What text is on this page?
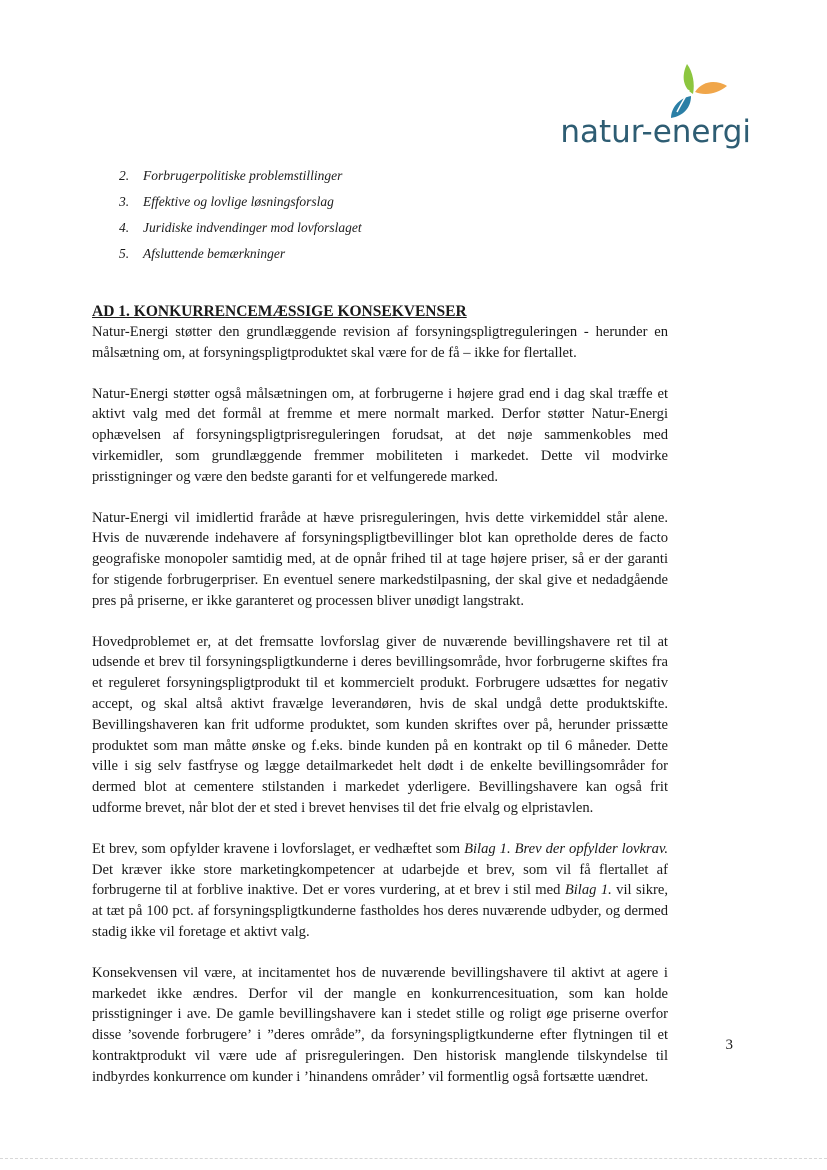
natur-energi
2. Forbrugerpolitiske problemstillinger
3. Effektive og lovlige løsningsforslag
4. Juridiske indvendinger mod lovforslaget
5. Afsluttende bemærkninger
AD 1. KONKURRENCEMÆSSIGE KONSEKVENSER

Natur-Energi støtter den grundlæggende revision af forsyningspligtreguleringen - herunder en målsætning om, at forsyningspligtproduktet skal være for de få – ikke for flertallet.

Natur-Energi støtter også målsætningen om, at forbrugerne i højere grad end i dag skal træffe et aktivt valg med det formål at fremme et mere normalt marked. Derfor støtter Natur-Energi ophævelsen af forsyningspligtprisreguleringen forudsat, at det nøje sammenkobles med virkemidler, som grundlæggende fremmer mobiliteten i markedet. Dette vil modvirke prisstigninger og være den bedste garanti for et velfungerede marked.

Natur-Energi vil imidlertid fraråde at hæve prisreguleringen, hvis dette virkemiddel står alene. Hvis de nuværende indehavere af forsyningspligtbevillinger blot kan opretholde deres de facto geografiske monopoler samtidig med, at de opnår frihed til at tage højere priser, så er der garanti for stigende forbrugerpriser. En eventuel senere markedstilpasning, der skal give et nedadgående pres på priserne, er ikke garanteret og processen bliver unødigt langstrakt.

Hovedproblemet er, at det fremsatte lovforslag giver de nuværende bevillingshavere ret til at udsende et brev til forsyningspligtkunderne i deres bevillingsområde, hvor forbrugerne skiftes fra et reguleret forsyningspligtprodukt til et kommercielt produkt. Forbrugere udsættes for negativ accept, og skal altså aktivt fravælge leverandøren, hvis de skal undgå dette produktskifte. Bevillingshaveren kan frit udforme produktet, som kunden skriftes over på, herunder prissætte produktet som man måtte ønske og f.eks. binde kunden på en kontrakt op til 6 måneder. Dette ville i sig selv fastfryse og lægge detailmarkedet helt dødt i de enkelte bevillingsområder for dermed blot at cementere stilstanden i markedet yderligere. Bevillingshavere kan også frit udforme brevet, når blot der et sted i brevet henvises til det frie elvalg og elpristavlen.

Et brev, som opfylder kravene i lovforslaget, er vedhæftet som Bilag 1. Brev der opfylder lovkrav. Det kræver ikke store marketingkompetencer at udarbejde et brev, som vil få flertallet af forbrugerne til at forblive inaktive. Det er vores vurdering, at et brev i stil med Bilag 1. vil sikre, at tæt på 100 pct. af forsyningspligtkunderne fastholdes hos deres nuværende udbyder, og dermed stadig ikke vil foretage et aktivt valg.

Konsekvensen vil være, at incitamentet hos de nuværende bevillingshavere til aktivt at agere i markedet ikke ændres. Derfor vil der mangle en konkurrencesituation, som kan holde prisstigninger i ave. De gamle bevillingshavere kan i stedet stille og roligt øge priserne overfor disse ’sovende forbrugere’ i ”deres område”, da forsyningspligtkunderne efter flytningen til et kontraktprodukt vil være ude af prisreguleringen. Den historisk manglende tilskyndelse til indbyrdes konkurrence om kunder i ’hinandens områder’ vil formentlig også fortsætte uændret.

3
